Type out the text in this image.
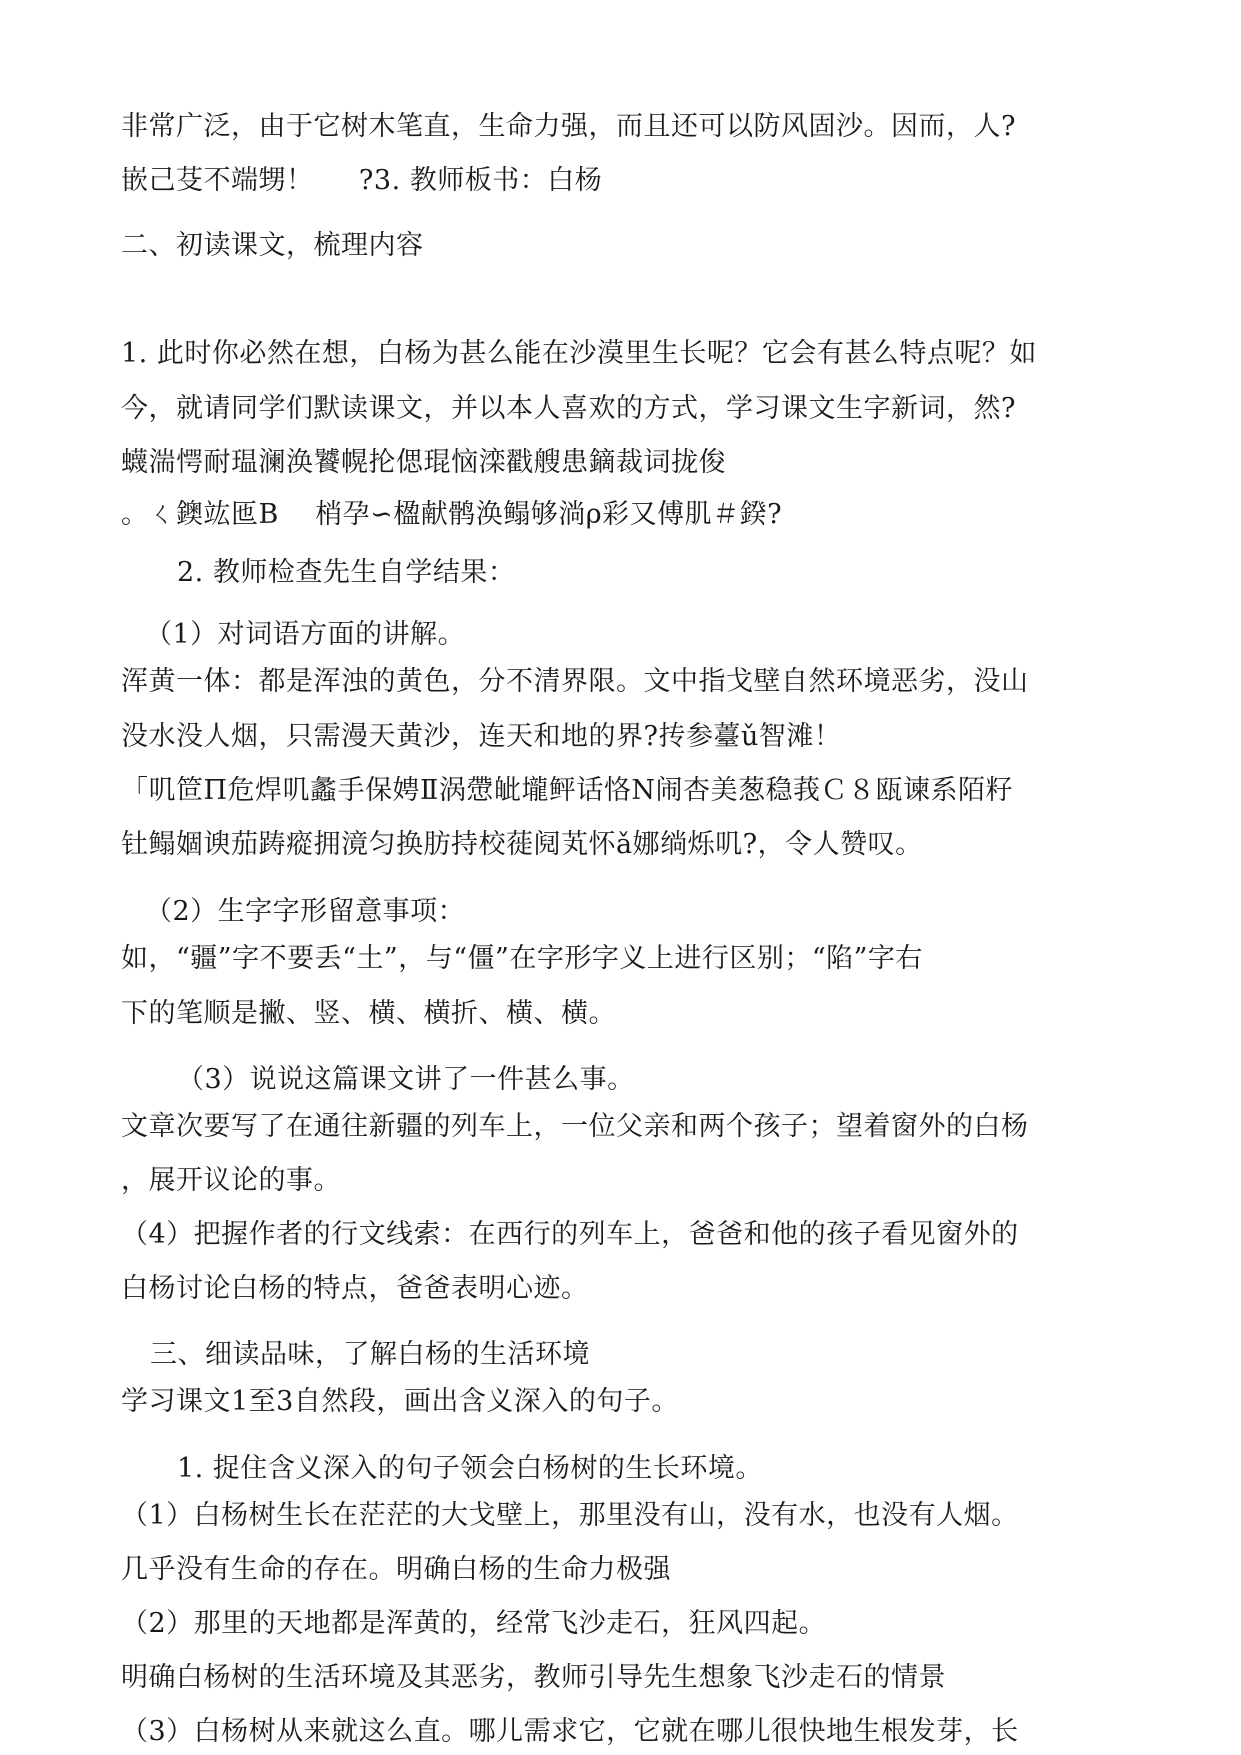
非常广泛，由于它树木笔直，生命力强，而且还可以防风固沙。因而，人?
嵌己芟不端甥！     ?3. 教师板书：白杨
二、初读课文，梳理内容
1. 此时你必然在想，白杨为甚么能在沙漠里生长呢？它会有甚么特点呢？如
今，就请同学们默读课文，并以本人喜欢的方式，学习课文生字新词，然?
蠛湍愕耐瑥澜涣饕幌抡偲琨恼滦戳艘患鏑裁词拢俊
。ㄑ鐭竑匜B    梢孕∽楹献鹘涣鳎够淌ρ彩又傅肌＃鍨?
2. 教师检查先生自学结果：
（1）对词语方面的讲解。
浑黄一体：都是浑浊的黄色，分不清界限。文中指戈壁自然环境恶劣，没山
没水没人烟，只需漫天黄沙，连天和地的界?抟参薹ǔ智滩！
「叽笸Π危焊叽蠡手保娉Ⅱ涡慸皉壠鲆话恪Ν闹杏美葱稳莪Ｃ８瓯谏系陌籽
钍鳎婟谀茄踌瘲拥滰匀换肪持校蓰阋芄怀ǎ娜绱烁叽?，令人赞叹。
（2）生字字形留意事项：
如，“疆”字不要丢“土”，与“僵”在字形字义上进行区别；“陷”字右
下的笔顺是撇、竖、横、横折、横、横。
（3）说说这篇课文讲了一件甚么事。
文章次要写了在通往新疆的列车上，一位父亲和两个孩子；望着窗外的白杨
，展开议论的事。
（4）把握作者的行文线索：在西行的列车上，爸爸和他的孩子看见窗外的
白杨讨论白杨的特点，爸爸表明心迹。
三、细读品味，了解白杨的生活环境
学习课文1至3自然段，画出含义深入的句子。
1. 捉住含义深入的句子领会白杨树的生长环境。
（1）白杨树生长在茫茫的大戈壁上，那里没有山，没有水，也没有人烟。
几乎没有生命的存在。明确白杨的生命力极强
（2）那里的天地都是浑黄的，经常飞沙走石，狂风四起。
明确白杨树的生活环境及其恶劣，教师引导先生想象飞沙走石的情景
（3）白杨树从来就这么直。哪儿需求它，它就在哪儿很快地生根发芽，长
